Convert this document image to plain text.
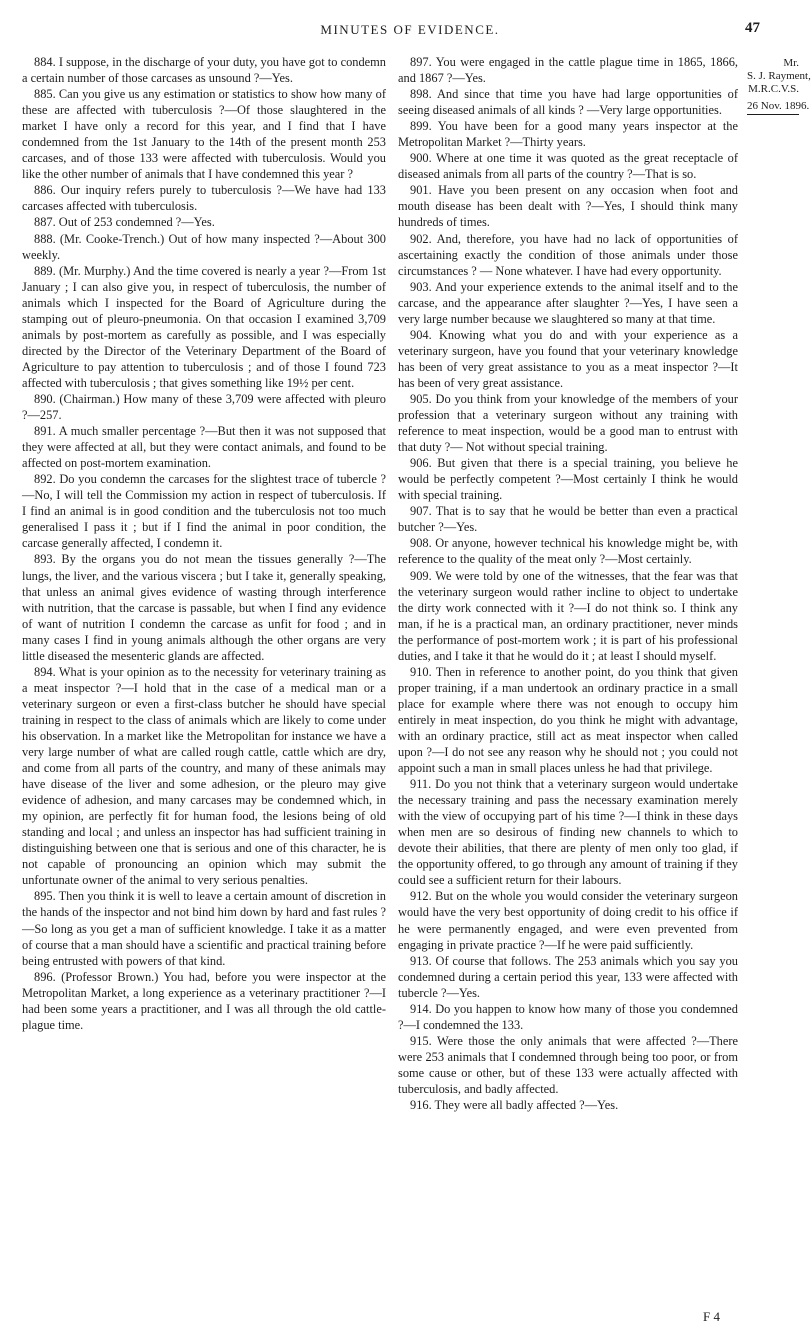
MINUTES OF EVIDENCE.	47

884. I suppose, in the discharge of your duty, you have got to condemn a certain number of those carcases as unsound ?—Yes.

885. Can you give us any estimation or statistics to show how many of these are affected with tuberculosis ?—Of those slaughtered in the market I have only a record for this year, and I find that I have condemned from the 1st January to the 14th of the present month 253 carcases, and of those 133 were affected with tuberculosis. Would you like the other number of animals that I have condemned this year ?

886. Our inquiry refers purely to tuberculosis ?—We have had 133 carcases affected with tuberculosis.

887. Out of 253 condemned ?—Yes.

888. (Mr. Cooke-Trench.) Out of how many inspected ?—About 300 weekly.

889. (Mr. Murphy.) And the time covered is nearly a year ?—From 1st January ; I can also give you, in respect of tuberculosis, the number of animals which I inspected for the Board of Agriculture during the stamping out of pleuro-pneumonia. On that occasion I examined 3,709 animals by post-mortem as carefully as possible, and I was especially directed by the Director of the Veterinary Department of the Board of Agriculture to pay attention to tuberculosis ; and of those I found 723 affected with tuberculosis ; that gives something like 19½ per cent.

890. (Chairman.) How many of these 3,709 were affected with pleuro ?—257.

891. A much smaller percentage ?—But then it was not supposed that they were affected at all, but they were contact animals, and found to be affected on post-mortem examination.

892. Do you condemn the carcases for the slightest trace of tubercle ?—No, I will tell the Commission my action in respect of tuberculosis. If I find an animal is in good condition and the tuberculosis not too much generalised I pass it ; but if I find the animal in poor condition, the carcase generally affected, I condemn it.

893. By the organs you do not mean the tissues generally ?—The lungs, the liver, and the various viscera ; but I take it, generally speaking, that unless an animal gives evidence of wasting through interference with nutrition, that the carcase is passable, but when I find any evidence of want of nutrition I condemn the carcase as unfit for food ; and in many cases I find in young animals although the other organs are very little diseased the mesenteric glands are affected.

894. What is your opinion as to the necessity for veterinary training as a meat inspector ?—I hold that in the case of a medical man or a veterinary surgeon or even a first-class butcher he should have special training in respect to the class of animals which are likely to come under his observation. In a market like the Metropolitan for instance we have a very large number of what are called rough cattle, cattle which are dry, and come from all parts of the country, and many of these animals may have disease of the liver and some adhesion, or the pleuro may give evidence of adhesion, and many carcases may be condemned which, in my opinion, are perfectly fit for human food, the lesions being of old standing and local ; and unless an inspector has had sufficient training in distinguishing between one that is serious and one of this character, he is not capable of pronouncing an opinion which may submit the unfortunate owner of the animal to very serious penalties.

895. Then you think it is well to leave a certain amount of discretion in the hands of the inspector and not bind him down by hard and fast rules ?—So long as you get a man of sufficient knowledge. I take it as a matter of course that a man should have a scientific and practical training before being entrusted with powers of that kind.

896. (Professor Brown.) You had, before you were inspector at the Metropolitan Market, a long experience as a veterinary practitioner ?—I had been some years a practitioner, and I was all through the old cattle-plague time.

897. You were engaged in the cattle plague time in 1865, 1866, and 1867 ?—Yes.

898. And since that time you have had large opportunities of seeing diseased animals of all kinds ? —Very large opportunities.

899. You have been for a good many years inspector at the Metropolitan Market ?—Thirty years.

900. Where at one time it was quoted as the great receptacle of diseased animals from all parts of the country ?—That is so.

901. Have you been present on any occasion when foot and mouth disease has been dealt with ?—Yes, I should think many hundreds of times.

902. And, therefore, you have had no lack of opportunities of ascertaining exactly the condition of those animals under those circumstances ? — None whatever. I have had every opportunity.

903. And your experience extends to the animal itself and to the carcase, and the appearance after slaughter ?—Yes, I have seen a very large number because we slaughtered so many at that time.

904. Knowing what you do and with your experience as a veterinary surgeon, have you found that your veterinary knowledge has been of very great assistance to you as a meat inspector ?—It has been of very great assistance.

905. Do you think from your knowledge of the members of your profession that a veterinary surgeon without any training with reference to meat inspection, would be a good man to entrust with that duty ?— Not without special training.

906. But given that there is a special training, you believe he would be perfectly competent ?—Most certainly I think he would with special training.

907. That is to say that he would be better than even a practical butcher ?—Yes.

908. Or anyone, however technical his knowledge might be, with reference to the quality of the meat only ?—Most certainly.

909. We were told by one of the witnesses, that the fear was that the veterinary surgeon would rather incline to object to undertake the dirty work connected with it ?—I do not think so. I think any man, if he is a practical man, an ordinary practitioner, never minds the performance of post-mortem work ; it is part of his professional duties, and I take it that he would do it ; at least I should myself.

910. Then in reference to another point, do you think that given proper training, if a man undertook an ordinary practice in a small place for example where there was not enough to occupy him entirely in meat inspection, do you think he might with advantage, with an ordinary practice, still act as meat inspector when called upon ?—I do not see any reason why he should not ; you could not appoint such a man in small places unless he had that privilege.

911. Do you not think that a veterinary surgeon would undertake the necessary training and pass the necessary examination merely with the view of occupying part of his time ?—I think in these days when men are so desirous of finding new channels to which to devote their abilities, that there are plenty of men only too glad, if the opportunity offered, to go through any amount of training if they could see a sufficient return for their labours.

912. But on the whole you would consider the veterinary surgeon would have the very best opportunity of doing credit to his office if he were permanently engaged, and were even prevented from engaging in private practice ?—If he were paid sufficiently.

913. Of course that follows. The 253 animals which you say you condemned during a certain period this year, 133 were affected with tubercle ?—Yes.

914. Do you happen to know how many of those you condemned ?—I condemned the 133.

915. Were those the only animals that were affected ?—There were 253 animals that I condemned through being too poor, or from some cause or other, but of these 133 were actually affected with tuberculosis, and badly affected.

916. They were all badly affected ?—Yes.

Mr.
S. J. Rayment,
M.R.C.V.S.
26 Nov. 1896.
F 4
